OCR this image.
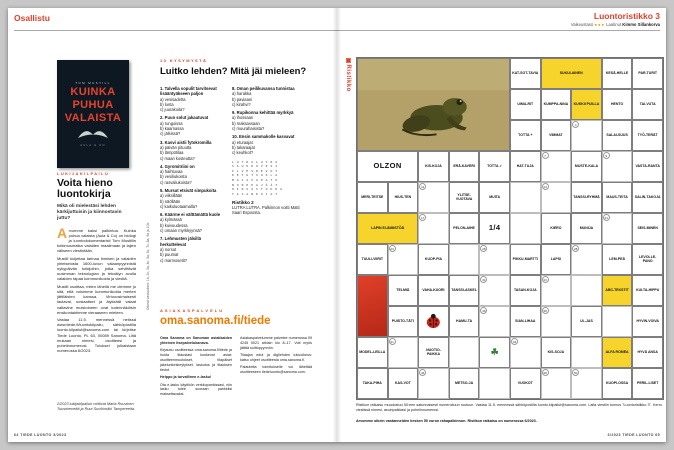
Osallistu	Luontoristikko 3
Vaikeustaso ●●● Laatinut Kimmo Sillankorva
TOM MUSTILL
KUINKA
PUHUA
VALAISTA
AULA & CO
LUKIJAKILPAILU
Voita hieno luontokirja
Mikä oli mielestäsi lehden kärkijuttuisin ja kiinnostavin juttu?

Arvomme kaksi palkintoa. Kuinka puhua valaista (Aula & Co) on biologi ja luontodokumentaristi Tom Mustillin tutkimusmatka valaiden maailmaan ja lajien väliseen viestintään.

Mustill kuljettaa tarinaa ihmisen ja valaiden yhteiselosta 1600-luvun valaanpyynnistä nykypäivän tutkijoihin, jotka selvittävät uusimman teknologian ja tekoälyn avulla valaiden tapaa kommunikoida ja viestiä.

Mustill osoittaa, miten lähellä me olemme jo sitä, että voisimme kommunikoida merten jättiläisten kanssa. Virtuoosimaisesti laulavat, sosiaaliset ja älykkäät valaat valtavine muistoineen ovat todennäköisin ensikontaktimme vieraaseen mieleen.

Vastaa 11.5. mennessä netissä www.tiede.fi/luontokilpailu, sähköpostilla luonto.kilpailut@sanoma.com tai kirjeitse Tiede Luonto, PL 63, 00089 Sanoma. Liitä mukaan nimesi, osoitteesi ja puhelinnumerosi. Tulokset julkaistaan numerossa 6/2023.

2/2023 lukijakilpailun voittivat Maria Rouvinen Tuusniemeltä ja Ruut Suvihimäki Tampereelta.
Oikeat vastaukset: 1b, 2c, 3a, 4c, 5a, 6c, 7c, 8a, 9a ja 10b.
10 KYSYMYSTÄ
Luitko lehden? Mitä jäi mieleen?
1. Talvella sopulit tarvitsevat lisääntyäkseen paljon
a) vesisadetta
b) lunta
c) juurakoita?
2. Puun solut jakautuvat
a) rungoissa
b) kaarnassa
c) jälsissä?
3. Kasvi aistii fytokromilla
a) päivän pituutta
b) lämpötilaa
c) maan kosteutta?
4. Gyromitriini on
a) haihtuvaa
b) vesiliukoista
c) rasvaliukoista?
5. Mursut etsivät simpukoita
a) viiksillään
b) näöllään
c) kaikuluotaamalla?
6. Käärme ei välttämättä kuole
a) kylmässä
b) kuivuudessa
c) omaan myrkkyynsä?
7. Lehmusten jälsillä herkuttelevat
a) norsut
b) puumat
c) marmosetit?
8. Oman peilikuvansa tunnistaa
a) harakka
b) paviaani
c) kirahvi?
9. Rupikonna kehittää myrkkyä
a) ihossaan
b) maksassaan
c) muurahaisista?
10. Ensin sammakolle kasvavat
a) eturaajat
b) takaraajat
c) keuhkot?
L U T R A L U T R A
S A U K K O V E S I
I L V E S R E V O T
K E T U T S U O L A
M A J A V A P A T O
N O R P P A J Ä Ä T
H I R V A S T O K K A
T A S A N K O J A T
Ristikko 2
LUTRA LUTRA. Palkinnon voitti Matti Saari Espoosta.
ASIAKASPALVELU
oma.sanoma.fi/tiede

Oma Sanoma on Sanoman asiakkaiden yhteinen itsepalvelukanava.

Kirjaudu osoitteessa oma.sanoma.fi/tiede ja hoida tilaustasi koskevat asiat: osoitteenmuutokset, tilapäiset jakelunkeskeytykset, laskutus ja tilauksen tiedot.

Helppo ja turvallinen e-lasku!

Ota e-lasku käyttöön verkkopankissasi, niin lasku tulee suoraan pankkiisi maksettavaksi.

Asiakaspalvelumme palvelee numerossa 09 4245 0021 arkisin klo 8–17. Voit myös jättää soittopyynnön.

Tilaajan edut ja digilehden lukuoikeus: katso ohjeet osoitteesta oma.sanoma.fi.

Palautetta toimitukselle voi lähettää osoitteeseen tiedeluonto@sanoma.com.

64 TIEDE LUONTO 3/2023	3/2023 TIEDE LUONTO 65
▣Ristikko	KAT-SOT-TAVIA	SUKULAINEN	KESÄ-HELLE	PAR-TURIT
UIMA-RIT	KUMPPA-NINA	KUKKII PUILLA	HENTO	TAI-VUTA
TOTTA +	VIMMAT	SALAI-SUUS	TYÖ-TERÄT
OLZON	KIS-KOJA	ERÄ-KAVERI	TOTTA ✓	HAT-TUJA	MUSTE-KALA	VASTA-RANTA
MERI-TEITSE	HIUS-TEN	YLITSE-VUOTAVA	MUITA	TANSSI-RYHMÄ	MAUS-TEITA	SALIN-TAKOJA
LAPIN ELÄIMISTÖÄ	PELON-AIHE	1/4	KIERO	MUNIJA	SEIS-MINEN
TUULI-VIIRIT	KUOP-PIA	PIKKU-MARTTI	LAPSI	LEM-PEÄ	LEVOLLE-PANO
TELMIÄ	VAHA-KUORI	TANSSI-ASKEL	TASAN-KOJA	ABC-TEKSTIT	KULTA-HIPPU
PUISTO-TÄTI	HAMU-TA	SIAN-LIHAA	UL-JAS	HYVIN-VOIVA
MODEL-LEILLA	NUOTIO-PAIKKA	☘	KIS-SOJA	ALFA ROMEA	HYVÄ ANSA
TAKA-PIHA	KAS-VOT	METSO-JA	VUOKOT	KUOPI-OSSA	PERIL-LISET
4
7	9
11	14
17	21
23	26	28
31	33
36	38
41	43
46	48	50
Ristikon ratkaisu muodostuu 50:een satunnaisesti numeroituun ruutuun. Vastaa 11.5. mennessä sähköpostilla luonto.kilpailut@sanoma.com. Laita viestiin tunnus ”Luontoristikko 3”. Kerro viestissä nimesi, asuinpaikkasi ja puhelinnumerosi.
Arvomme oikein vastanneiden kesken 50 euron rahapalkinnon. Ristikon ratkaisu on numerossa 6/2023.
